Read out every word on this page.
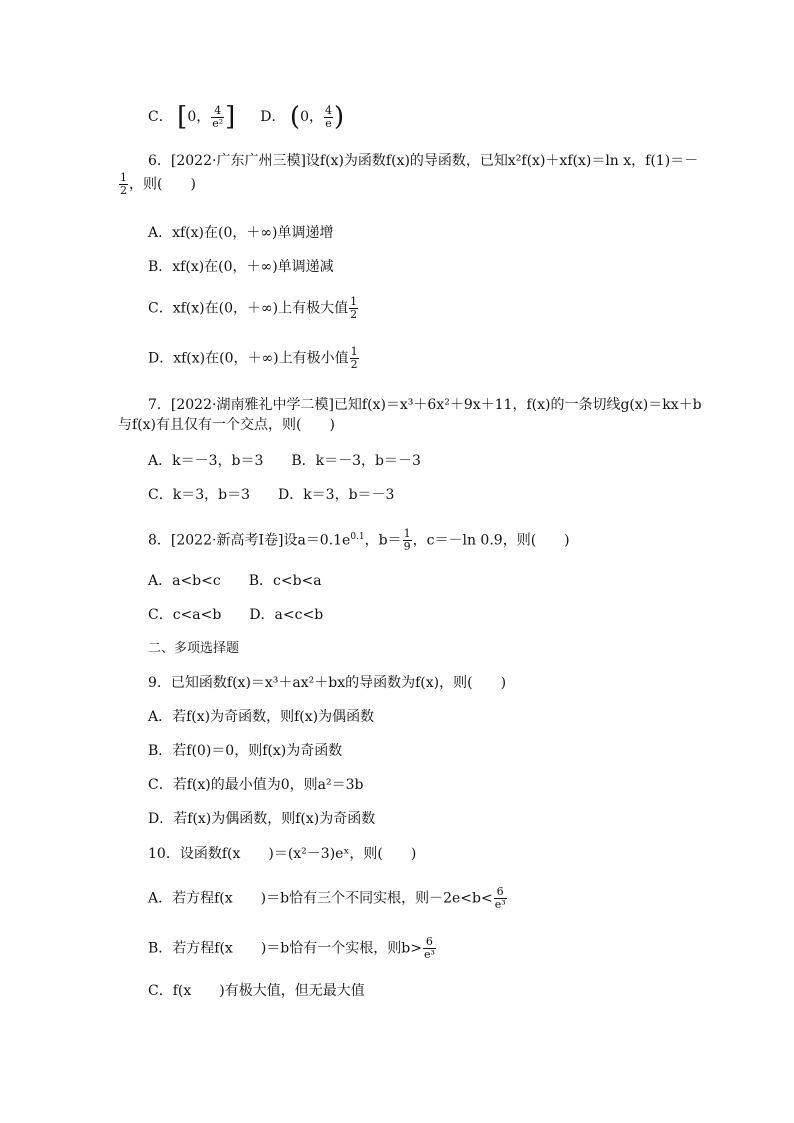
C． [0， $\frac{4}{\text{e²}}$ ] D． (0， $\frac{4}{e}$ )
6．[2022·广东广州三模]设f(x)为函数f(x)的导函数，已知x²f(x)＋xf(x)＝ln x，f(1)＝－
$\frac{1}{2}$ ，则(　　)
A．xf(x)在(0，＋∞)单调递增
B．xf(x)在(0，＋∞)单调递减
C．xf(x)在(0，＋∞)上有极大值 $\frac{1}{2}$
D．xf(x)在(0，＋∞)上有极小值 $\frac{1}{2}$
7．[2022·湖南雅礼中学二模]已知f(x)＝x³＋6x²＋9x＋11，f(x)的一条切线g(x)＝kx＋b
与f(x)有且仅有一个交点，则(　　)
A．k＝－3，b＝3　　B．k＝－3，b＝－3
C．k＝3，b＝3　　D．k＝3，b＝－3
8．[2022·新高考Ⅰ卷]设$a=0.1e^{0.1}$，$b= \frac{1}{9}$ ，c＝－ln 0.9，则(　　)
A．a<b<c　　B．c<b<a
C．c<a<b　　D．a<c<b
二、多项选择题
9．已知函数f(x)＝x³＋ax²＋bx的导函数为f(x)，则(　　)
A．若f(x)为奇函数，则f(x)为偶函数
B．若f(0)＝0，则f(x)为奇函数
C．若f(x)的最小值为0，则a²＝3b
D．若f(x)为偶函数，则f(x)为奇函数
10．设函数f(x　　)＝(x²－3)eˣ，则(　　)
A．若方程f(x　　)＝b恰有三个不同实根，则$-2e<b< \frac{6}{\text{e³}}$
B．若方程f(x　　)＝b恰有一个实根，则$b> \frac{6}{\text{e³}}$
C．f(x　　)有极大值，但无最大值
